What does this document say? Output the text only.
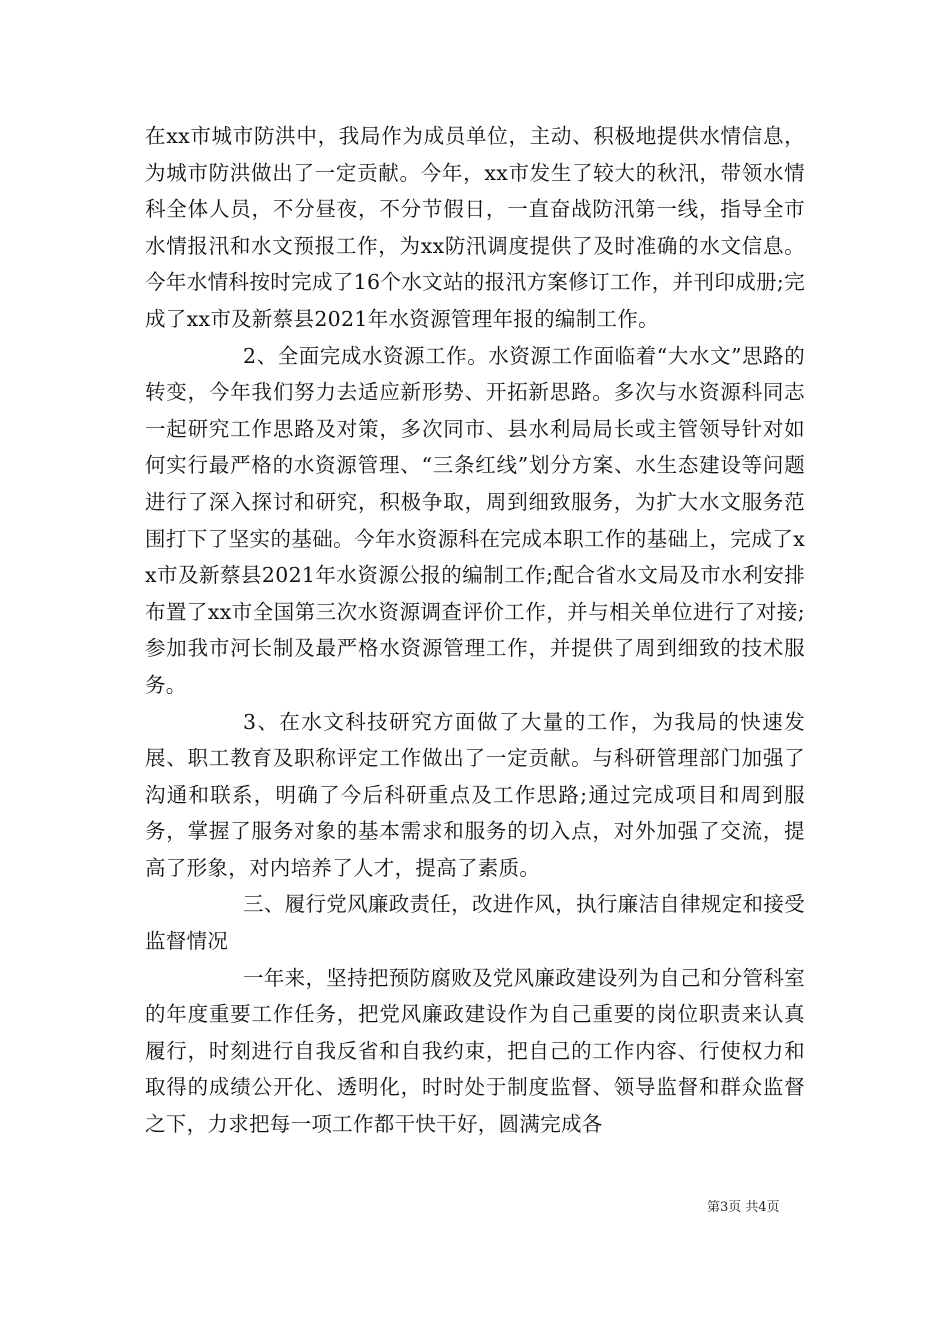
在xx市城市防洪中，我局作为成员单位，主动、积极地提供水情信息，为城市防洪做出了一定贡献。今年，xx市发生了较大的秋汛，带领水情科全体人员，不分昼夜，不分节假日，一直奋战防汛第一线，指导全市水情报汛和水文预报工作，为xx防汛调度提供了及时准确的水文信息。今年水情科按时完成了16个水文站的报汛方案修订工作，并刊印成册;完成了xx市及新蔡县2021年水资源管理年报的编制工作。

2、全面完成水资源工作。水资源工作面临着“大水文”思路的转变，今年我们努力去适应新形势、开拓新思路。多次与水资源科同志一起研究工作思路及对策，多次同市、县水利局局长或主管领导针对如何实行最严格的水资源管理、“三条红线”划分方案、水生态建设等问题进行了深入探讨和研究，积极争取，周到细致服务，为扩大水文服务范围打下了坚实的基础。今年水资源科在完成本职工作的基础上，完成了xx市及新蔡县2021年水资源公报的编制工作;配合省水文局及市水利安排布置了xx市全国第三次水资源调查评价工作，并与相关单位进行了对接;参加我市河长制及最严格水资源管理工作，并提供了周到细致的技术服务。

3、在水文科技研究方面做了大量的工作，为我局的快速发展、职工教育及职称评定工作做出了一定贡献。与科研管理部门加强了沟通和联系，明确了今后科研重点及工作思路;通过完成项目和周到服务，掌握了服务对象的基本需求和服务的切入点，对外加强了交流，提高了形象，对内培养了人才，提高了素质。

三、履行党风廉政责任，改进作风，执行廉洁自律规定和接受监督情况

一年来，坚持把预防腐败及党风廉政建设列为自己和分管科室的年度重要工作任务，把党风廉政建设作为自己重要的岗位职责来认真履行，时刻进行自我反省和自我约束，把自己的工作内容、行使权力和取得的成绩公开化、透明化，时时处于制度监督、领导监督和群众监督之下，力求把每一项工作都干快干好，圆满完成各

第3页 共4页
